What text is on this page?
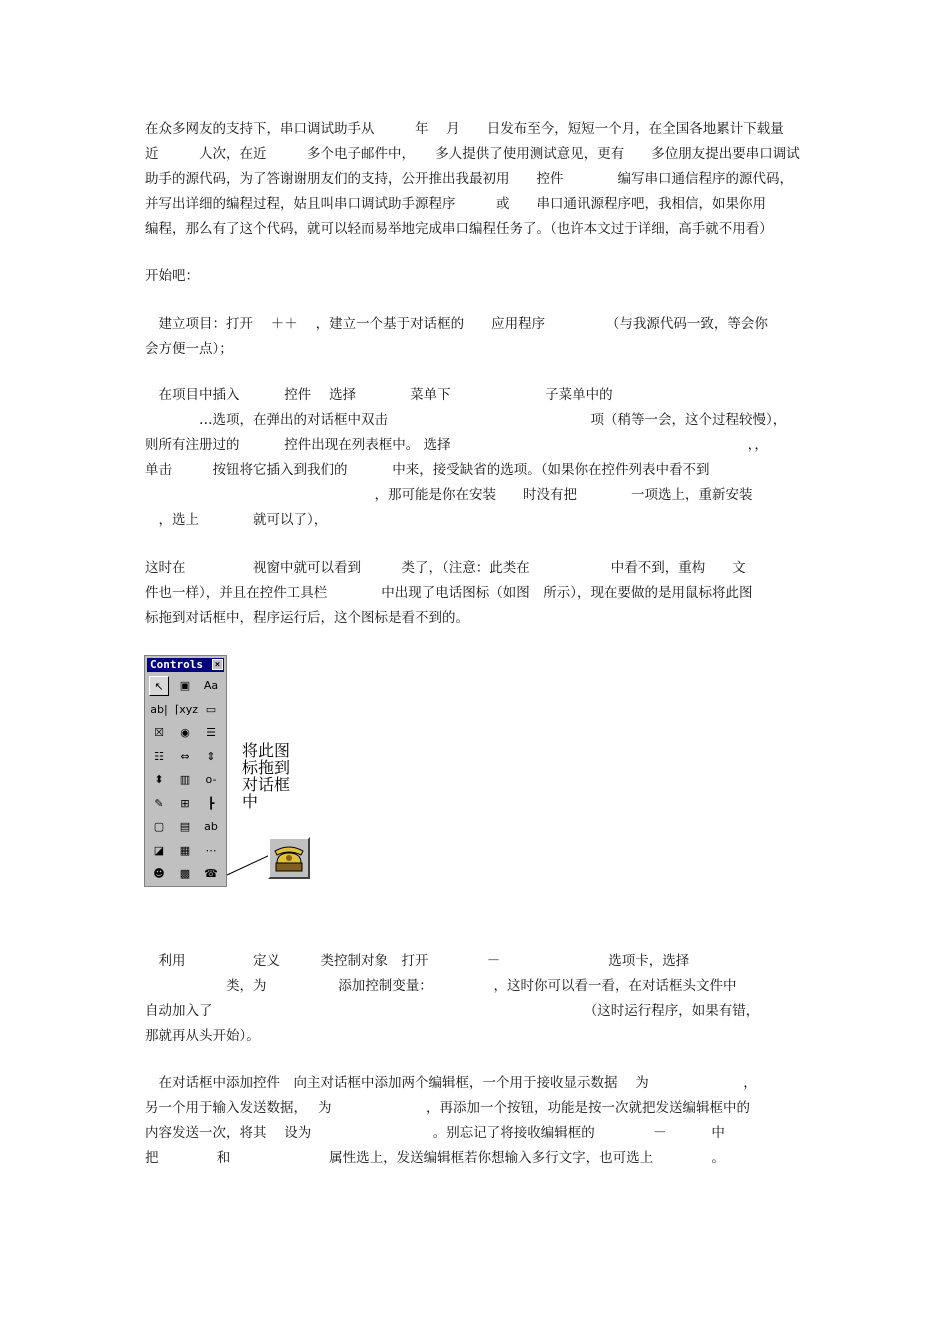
在众多网友的支持下，串口调试助手从　　　年　 月　　日发布至今，短短一个月，在全国各地累计下载量
近　　　人次，在近　　　多个电子邮件中，　　多人提供了使用测试意见，更有　　多位朋友提出要串口调试
助手的源代码，为了答谢谢朋友们的支持，公开推出我最初用　　控件　　　　编写串口通信程序的源代码，
并写出详细的编程过程，姑且叫串口调试助手源程序　　　或　　串口通讯源程序吧，我相信，如果你用
编程，那么有了这个代码，就可以轻而易举地完成串口编程任务了。（也许本文过于详细，高手就不用看）
开始吧：
　建立项目：打开　 ＋＋　 ，建立一个基于对话框的　　应用程序　　　　　（与我源代码一致，等会你
会方便一点）；
　在项目中插入　　　 控件　 选择　　　　菜单下　　　　　　　子菜单中的
　　　　…选项，在弹出的对话框中双击　　　　　　　　　　　　　　　项（稍等一会，这个过程较慢），
则所有注册过的　　　 控件出现在列表框中。 选择　　　　　　　　　　　　　　　　　　　　　　，，
单击　　　按钮将它插入到我们的　　　 中来，接受缺省的选项。（如果你在控件列表中看不到
　　　　　　　　　　　　　　　　　，那可能是你在安装　　时没有把　　　　一项选上，重新安装
　，选上　　　　就可以了），
这时在　　　　　视窗中就可以看到　　　类了，（注意：此类在　　　　　　中看不到，重构　　文
件也一样），并且在控件工具栏　　　　中出现了电话图标（如图　所示），现在要做的是用鼠标将此图
标拖到对话框中，程序运行后，这个图标是看不到的。
Controls	×
↖	▣	Aa
ab| ⌈xyz ▭
☒	◉	☰
☷	⇔	⇕
⬍	▥	o-
✎	⊞	┣
▢	▤	ab
◪	▦	⋯
☻	▩	☎
将此图
标拖到
对话框
中
　利用　　　　　定义　　　类控制对象　打开　　　　 －　　　　　　　　选项卡，选择
　　　　　　类，为　　　　　 添加控制变量：　　　　　，这时你可以看一看，在对话框头文件中
自动加入了　　　　　　　　　　　　　　　　　　　　　　　　　　　　（这时运行程序，如果有错，
那就再从头开始）。
　在对话框中添加控件　向主对话框中添加两个编辑框，一个用于接收显示数据　 为　　　　　　　，
另一个用于输入发送数据，　 为　　　　　　　，再添加一个按钮，功能是按一次就把发送编辑框中的
内容发送一次，将其　 设为　　　　　　　　　。别忘记了将接收编辑框的　　　　 －　　　 中
把　　　　 和　　　　　　　 属性选上，发送编辑框若你想输入多行文字，也可选上　　　　 。
